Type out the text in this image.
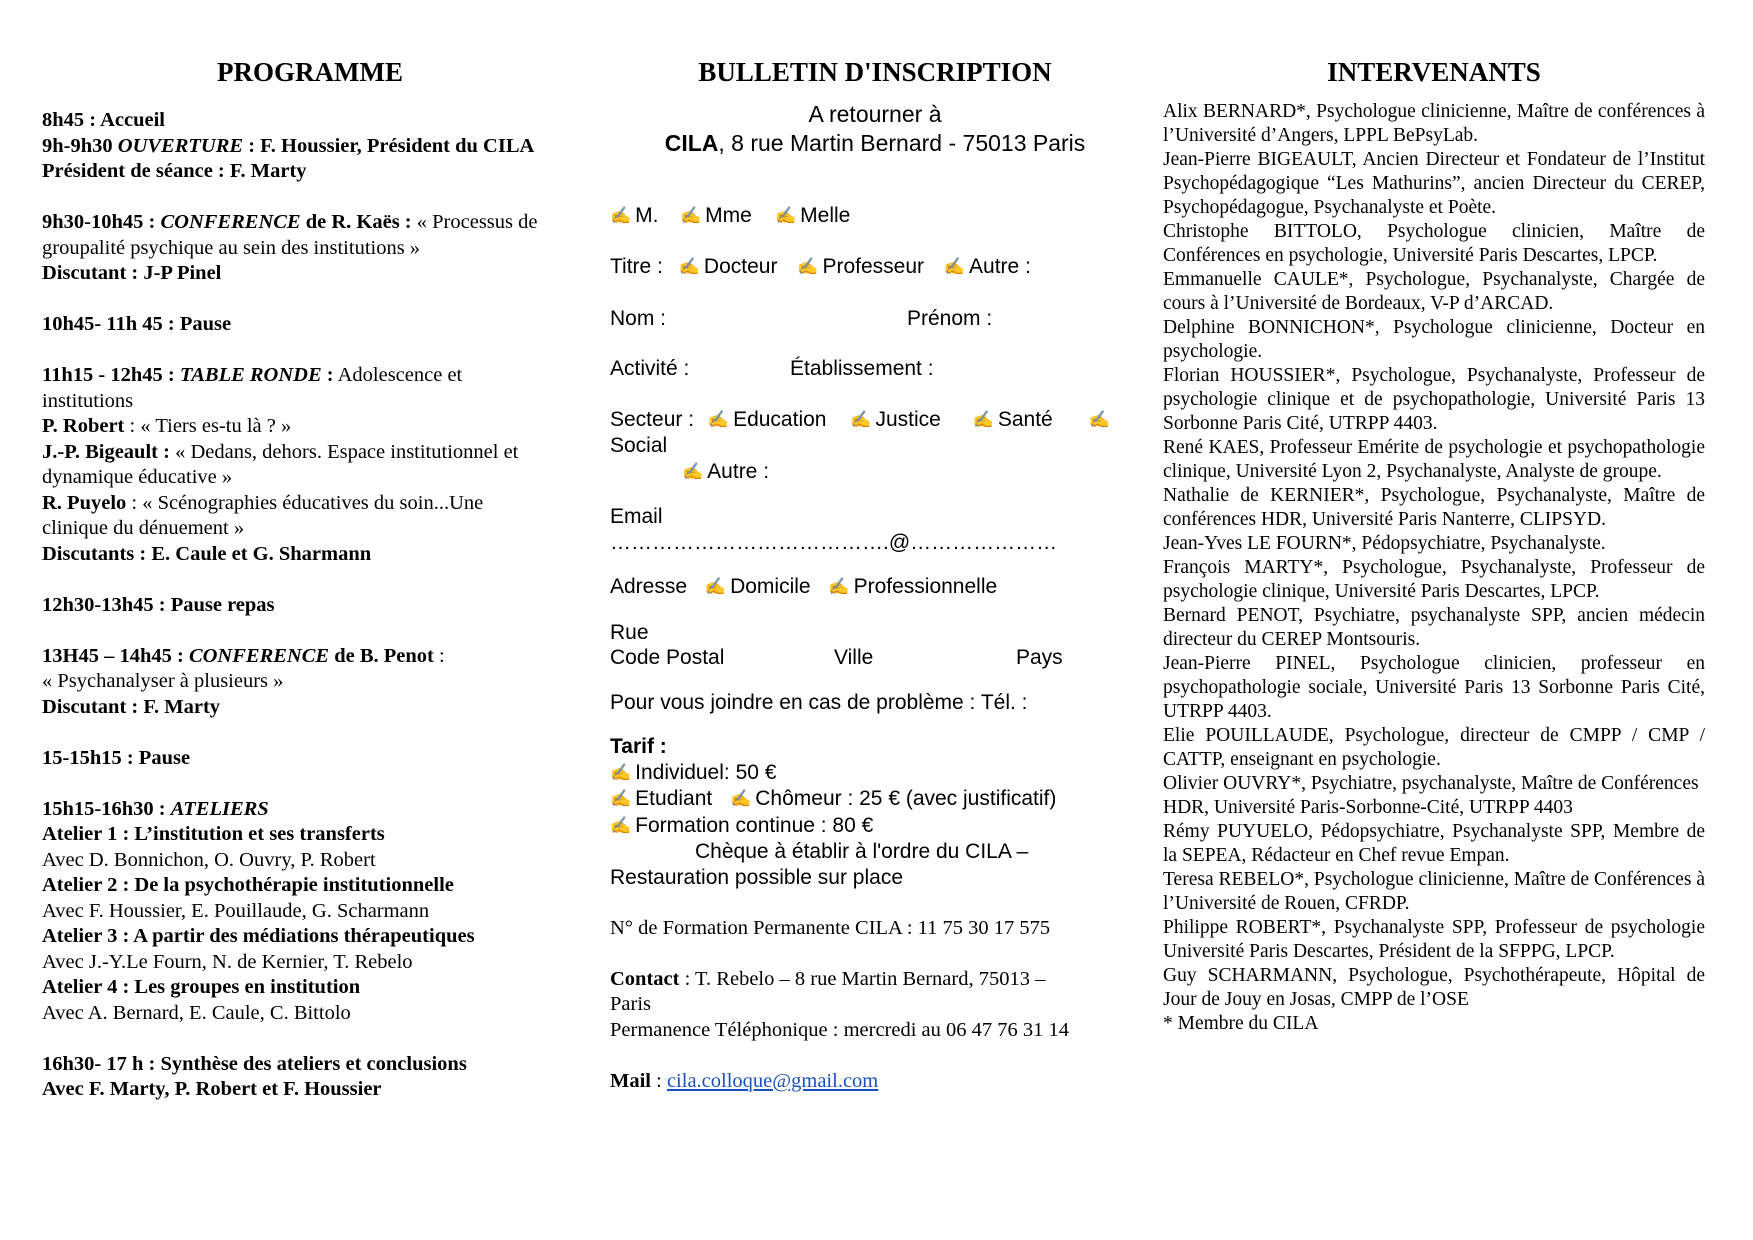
PROGRAMME
8h45 : Accueil
9h-9h30 OUVERTURE : F. Houssier, Président du CILA
Président de séance : F. Marty
9h30-10h45 : CONFERENCE de R. Kaës : « Processus de
groupalité psychique au sein des institutions »
Discutant : J-P Pinel
10h45- 11h 45 : Pause
11h15 - 12h45 : TABLE RONDE : Adolescence et
institutions
P. Robert : « Tiers es-tu là ? »
J.-P. Bigeault : « Dedans, dehors. Espace institutionnel et
dynamique éducative »
R. Puyelo : « Scénographies éducatives du soin...Une
clinique du dénuement »
Discutants : E. Caule et G. Sharmann
12h30-13h45 : Pause repas
13H45 – 14h45 : CONFERENCE de B. Penot :
« Psychanalyser à plusieurs »
Discutant : F. Marty
15-15h15 : Pause
15h15-16h30 : ATELIERS
Atelier 1 : L’institution et ses transferts
Avec D. Bonnichon, O. Ouvry, P. Robert
Atelier 2 : De la psychothérapie institutionnelle
Avec F. Houssier, E. Pouillaude, G. Scharmann
Atelier 3 : A partir des médiations thérapeutiques
Avec J.-Y.Le Fourn, N. de Kernier, T. Rebelo
Atelier 4 : Les groupes en institution
Avec A. Bernard, E. Caule, C. Bittolo
16h30- 17 h : Synthèse des ateliers et conclusions
Avec F. Marty, P. Robert et F. Houssier
BULLETIN D'INSCRIPTION
A retourner à
CILA, 8 rue Martin Bernard - 75013 Paris
✍ M. ✍ Mme ✍ Melle
Titre : ✍ Docteur ✍ Professeur ✍ Autre :
Nom :	Prénom :
Activité :	Établissement :
Secteur : ✍ Education ✍ Justice ✍ Santé ✍
Social
✍ Autre :
Email
………………………………….@…………………
Adresse ✍ Domicile ✍ Professionnelle
Rue
Code Postal	Ville	Pays
Pour vous joindre en cas de problème : Tél. :
Tarif :
✍ Individuel: 50 €
✍ Etudiant ✍ Chômeur : 25 € (avec justificatif)
✍ Formation continue : 80 €
Chèque à établir à l'ordre du CILA –
Restauration possible sur place
N° de Formation Permanente CILA : 11 75 30 17 575
Contact : T. Rebelo – 8 rue Martin Bernard, 75013 –
Paris
Permanence Téléphonique : mercredi au 06 47 76 31 14
Mail : cila.colloque@gmail.com
INTERVENANTS
Alix BERNARD*, Psychologue clinicienne, Maître de conférences à l’Université d’Angers, LPPL BePsyLab.
Jean-Pierre BIGEAULT, Ancien Directeur et Fondateur de l’Institut Psychopédagogique “Les Mathurins”, ancien Directeur du CEREP, Psychopédagogue, Psychanalyste et Poète.
Christophe BITTOLO, Psychologue clinicien, Maître de Conférences en psychologie, Université Paris Descartes, LPCP.
Emmanuelle CAULE*, Psychologue, Psychanalyste, Chargée de cours à l’Université de Bordeaux, V-P d’ARCAD.
Delphine BONNICHON*, Psychologue clinicienne, Docteur en psychologie.
Florian HOUSSIER*, Psychologue, Psychanalyste, Professeur de psychologie clinique et de psychopathologie, Université Paris 13 Sorbonne Paris Cité, UTRPP 4403.
René KAES, Professeur Emérite de psychologie et psychopathologie clinique, Université Lyon 2, Psychanalyste, Analyste de groupe.
Nathalie de KERNIER*, Psychologue, Psychanalyste, Maître de conférences HDR, Université Paris Nanterre, CLIPSYD.
Jean-Yves LE FOURN*, Pédopsychiatre, Psychanalyste.
François MARTY*, Psychologue, Psychanalyste, Professeur de psychologie clinique, Université Paris Descartes, LPCP.
Bernard PENOT, Psychiatre, psychanalyste SPP, ancien médecin directeur du CEREP Montsouris.
Jean-Pierre PINEL, Psychologue clinicien, professeur en psychopathologie sociale, Université Paris 13 Sorbonne Paris Cité, UTRPP 4403.
Elie POUILLAUDE, Psychologue, directeur de CMPP / CMP / CATTP, enseignant en psychologie.
Olivier OUVRY*, Psychiatre, psychanalyste, Maître de Conférences HDR, Université Paris-Sorbonne-Cité, UTRPP 4403
Rémy PUYUELO, Pédopsychiatre, Psychanalyste SPP, Membre de la SEPEA, Rédacteur en Chef revue Empan.
Teresa REBELO*, Psychologue clinicienne, Maître de Conférences à l’Université de Rouen, CFRDP.
Philippe ROBERT*, Psychanalyste SPP, Professeur de psychologie Université Paris Descartes, Président de la SFPPG, LPCP.
Guy SCHARMANN, Psychologue, Psychothérapeute, Hôpital de Jour de Jouy en Josas, CMPP de l’OSE
* Membre du CILA
